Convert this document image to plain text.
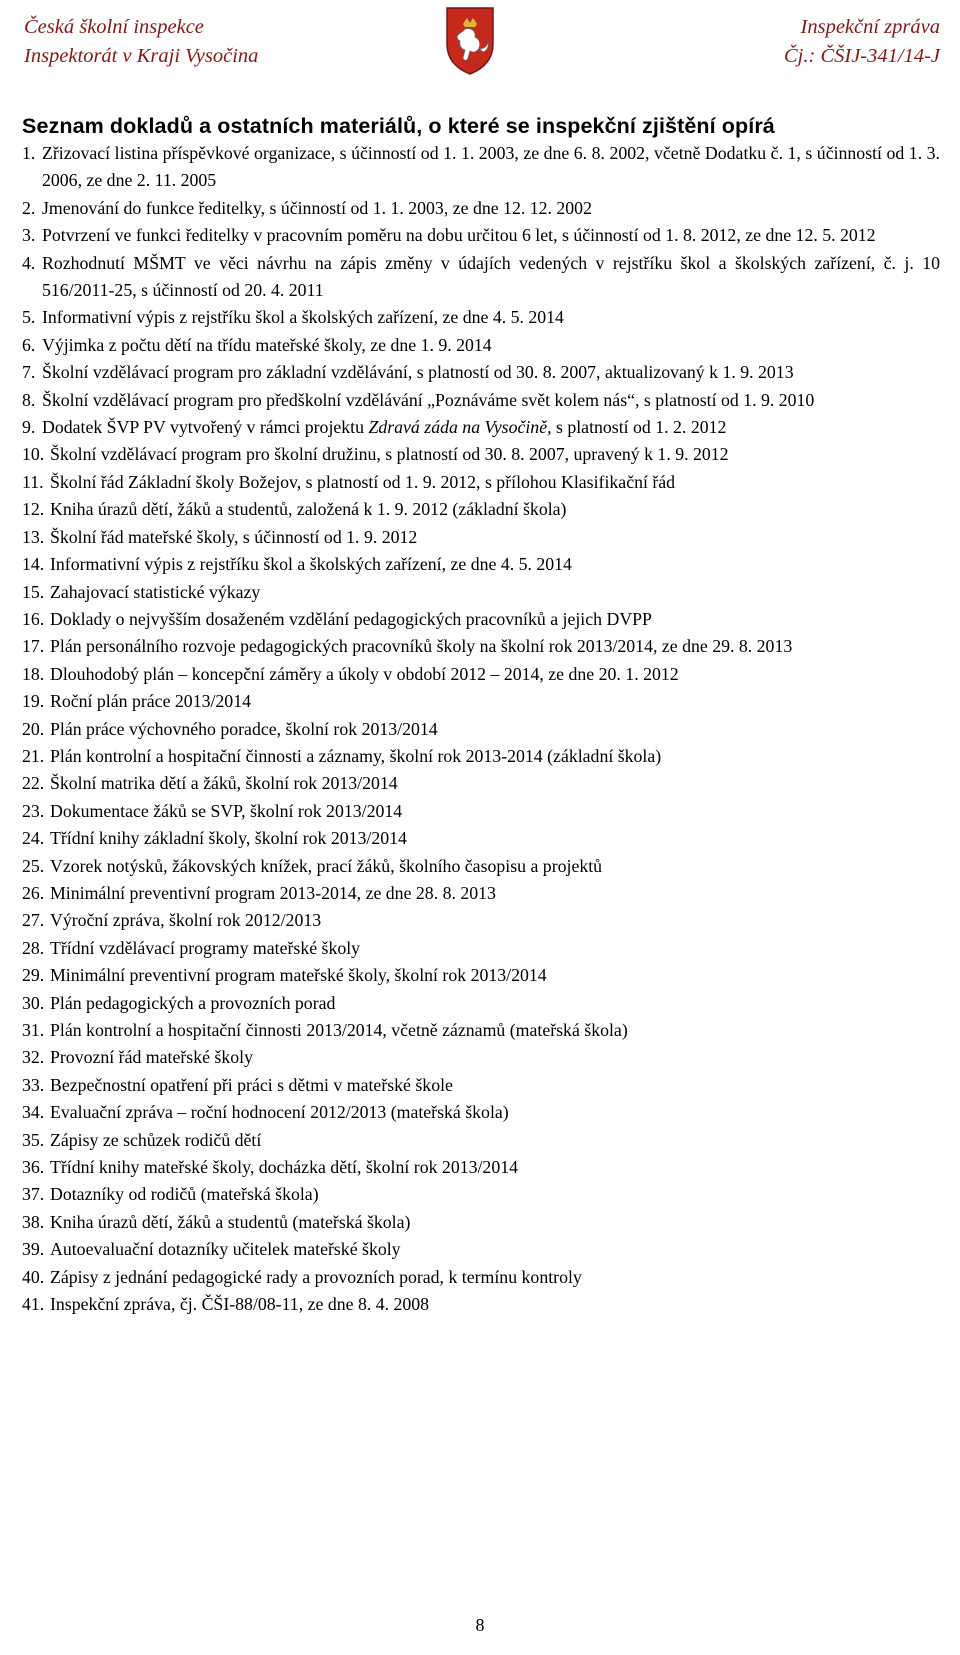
Česká školní inspekce
Inspektorát v Kraji Vysočina
Inspekční zpráva
Čj.: ČŠIJ-341/14-J
Seznam dokladů a ostatních materiálů, o které se inspekční zjištění opírá
1. Zřizovací listina příspěvkové organizace, s účinností od 1. 1. 2003, ze dne 6. 8. 2002, včetně Dodatku č. 1, s účinností od 1. 3. 2006, ze dne 2. 11. 2005
2. Jmenování do funkce ředitelky, s účinností od 1. 1. 2003, ze dne 12. 12. 2002
3. Potvrzení ve funkci ředitelky v pracovním poměru na dobu určitou 6 let, s účinností od 1. 8. 2012, ze dne 12. 5. 2012
4. Rozhodnutí MŠMT ve věci návrhu na zápis změny v údajích vedených v rejstříku škol a školských zařízení, č. j. 10 516/2011-25, s účinností od 20. 4. 2011
5. Informativní výpis z rejstříku škol a školských zařízení, ze dne 4. 5. 2014
6. Výjimka z počtu dětí na třídu mateřské školy, ze dne 1. 9. 2014
7. Školní vzdělávací program pro základní vzdělávání, s platností od 30. 8. 2007, aktualizovaný k 1. 9. 2013
8. Školní vzdělávací program pro předškolní vzdělávání „Poznáváme svět kolem nás“, s platností od 1. 9. 2010
9. Dodatek ŠVP PV vytvořený v rámci projektu Zdravá záda na Vysočině, s platností od 1. 2. 2012
10. Školní vzdělávací program pro školní družinu, s platností od 30. 8. 2007, upravený k 1. 9. 2012
11. Školní řád Základní školy Božejov, s platností od 1. 9. 2012, s přílohou Klasifikační řád
12. Kniha úrazů dětí, žáků a studentů, založená k 1. 9. 2012 (základní škola)
13. Školní řád mateřské školy, s účinností od 1. 9. 2012
14. Informativní výpis z rejstříku škol a školských zařízení, ze dne 4. 5. 2014
15. Zahajovací statistické výkazy
16. Doklady o nejvyšším dosaženém vzdělání pedagogických pracovníků a jejich DVPP
17. Plán personálního rozvoje pedagogických pracovníků školy na školní rok 2013/2014, ze dne 29. 8. 2013
18. Dlouhodobý plán – koncepční záměry a úkoly v období 2012 – 2014, ze dne 20. 1. 2012
19. Roční plán práce 2013/2014
20. Plán práce výchovného poradce, školní rok 2013/2014
21. Plán kontrolní a hospitační činnosti a záznamy, školní rok 2013-2014 (základní škola)
22. Školní matrika dětí a žáků, školní rok 2013/2014
23. Dokumentace žáků se SVP, školní rok 2013/2014
24. Třídní knihy základní školy, školní rok 2013/2014
25. Vzorek notýsků, žákovských knížek, prací žáků, školního časopisu a projektů
26. Minimální preventivní program 2013-2014, ze dne 28. 8. 2013
27. Výroční zpráva, školní rok 2012/2013
28. Třídní vzdělávací programy mateřské školy
29. Minimální preventivní program mateřské školy, školní rok 2013/2014
30. Plán pedagogických a provozních porad
31. Plán kontrolní a hospitační činnosti 2013/2014, včetně záznamů (mateřská škola)
32. Provozní řád mateřské školy
33. Bezpečnostní opatření při práci s dětmi v mateřské škole
34. Evaluační zpráva – roční hodnocení 2012/2013 (mateřská škola)
35. Zápisy ze schůzek rodičů dětí
36. Třídní knihy mateřské školy, docházka dětí, školní rok 2013/2014
37. Dotazníky od rodičů (mateřská škola)
38. Kniha úrazů dětí, žáků a studentů (mateřská škola)
39. Autoevaluační dotazníky učitelek mateřské školy
40. Zápisy z jednání pedagogické rady a provozních porad, k termínu kontroly
41. Inspekční zpráva, čj. ČŠI-88/08-11, ze dne 8. 4. 2008
8
